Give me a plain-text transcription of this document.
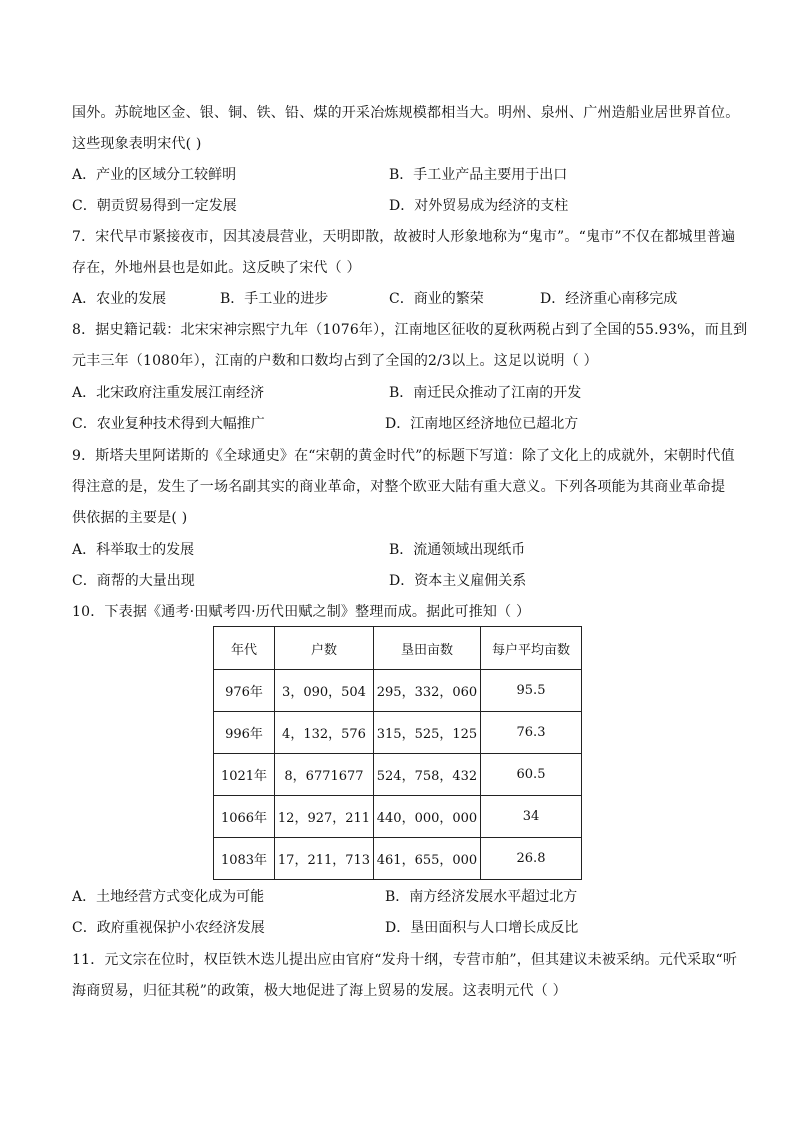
国外。苏皖地区金、银、铜、铁、铅、煤的开采冶炼规模都相当大。明州、泉州、广州造船业居世界首位。
这些现象表明宋代( )
A．产业的区域分工较鲜明	B．手工业产品主要用于出口
C．朝贡贸易得到一定发展	D．对外贸易成为经济的支柱
7．宋代早市紧接夜市，因其凌晨营业，天明即散，故被时人形象地称为“鬼市”。“鬼市”不仅在都城里普遍
存在，外地州县也是如此。这反映了宋代（ ）
A．农业的发展	B．手工业的进步	C．商业的繁荣	D．经济重心南移完成
8．据史籍记载：北宋宋神宗熙宁九年（1076年），江南地区征收的夏秋两税占到了全国的55.93%，而且到
元丰三年（1080年），江南的户数和口数均占到了全国的2/3以上。这足以说明（ ）
A．北宋政府注重发展江南经济	B．南迁民众推动了江南的开发
C．农业复种技术得到大幅推广	D．江南地区经济地位已超北方
9．斯塔夫里阿诺斯的《全球通史》在“宋朝的黄金时代”的标题下写道：除了文化上的成就外，宋朝时代值
得注意的是，发生了一场名副其实的商业革命，对整个欧亚大陆有重大意义。下列各项能为其商业革命提
供依据的主要是( )
A．科举取士的发展	B．流通领域出现纸币
C．商帮的大量出现	D．资本主义雇佣关系
10．下表据《通考·田赋考四·历代田赋之制》整理而成。据此可推知（ ）
年代	户数	垦田亩数	每户平均亩数
976年	3，090，504	295，332，060	95.5
996年	4，132，576	315，525，125	76.3
1021年	8，6771677	524，758，432	60.5
1066年	12，927，211	440，000，000	34
1083年	17，211，713	461，655，000	26.8
A．土地经营方式变化成为可能	B．南方经济发展水平超过北方
C．政府重视保护小农经济发展	D．垦田面积与人口增长成反比
11．元文宗在位时，权臣铁木迭儿提出应由官府“发舟十纲，专营市舶”，但其建议未被采纳。元代采取“听
海商贸易，归征其税”的政策，极大地促进了海上贸易的发展。这表明元代（ ）
